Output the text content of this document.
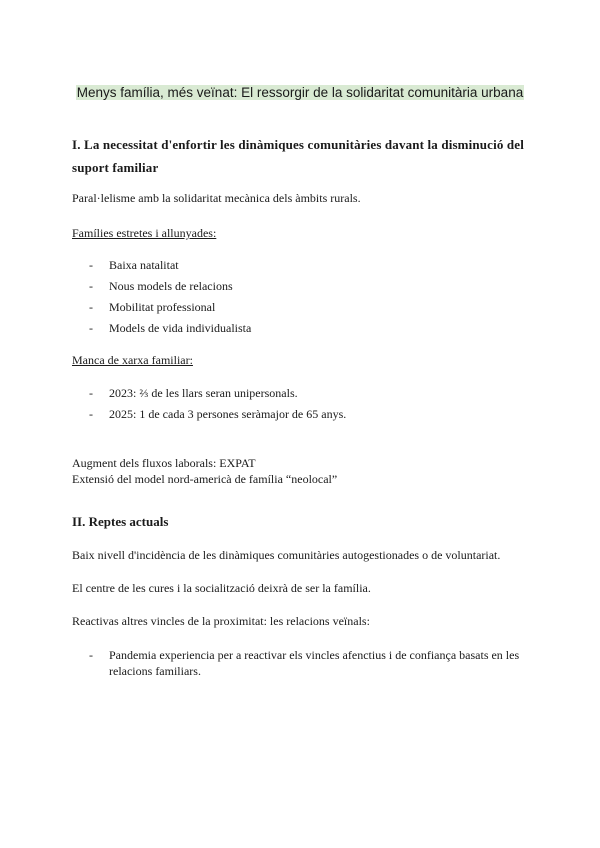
Menys família, més veïnat: El ressorgir de la solidaritat comunitària urbana
I. La necessitat d'enfortir les dinàmiques comunitàries davant la disminució del suport familiar
Paral·lelisme amb la solidaritat mecànica dels àmbits rurals.
Famílies estretes i allunyades:
- Baixa natalitat
- Nous models de relacions
- Mobilitat professional
- Models de vida individualista
Manca de xarxa familiar:
- 2023: ⅔ de les llars seran unipersonals.
- 2025: 1 de cada 3 persones seràmajor de 65 anys.
Augment dels fluxos laborals: EXPAT
Extensió del model nord-americà de família “neolocal”
II. Reptes actuals
Baix nivell d'incidència de les dinàmiques comunitàries autogestionades o de voluntariat.
El centre de les cures i la socialització deixrà de ser la família.
Reactivas altres vincles de la proximitat: les relacions veïnals:
- Pandemia experiencia per a reactivar els vincles afenctius i de confiança basats en les relacions familiars.
